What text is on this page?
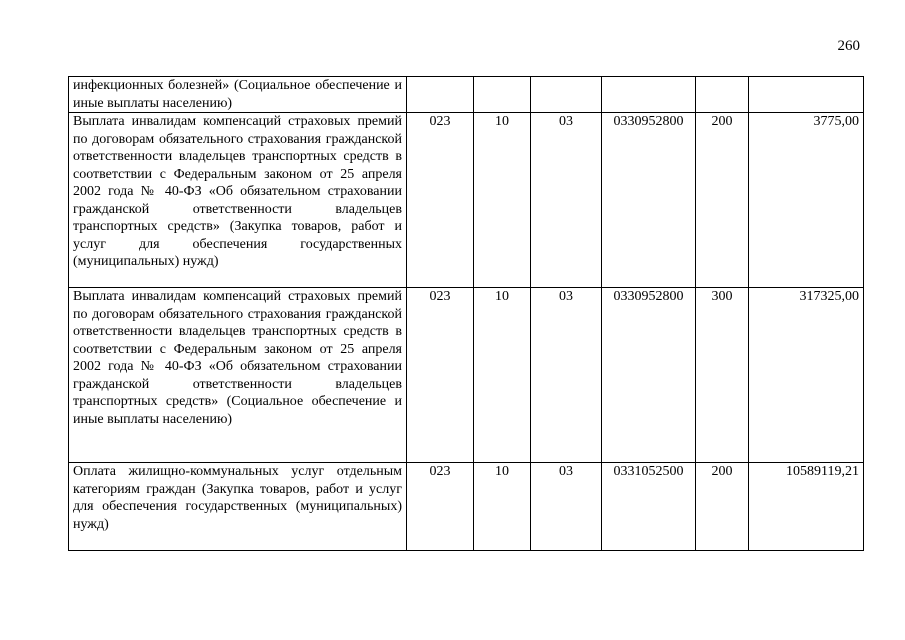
260
инфекционных болезней» (Социальное обеспечение и иные выплаты населению)						
Выплата инвалидам компенсаций страховых премий по договорам обязательного страхования гражданской ответственности владельцев транспортных средств в соответствии с Федеральным законом от 25 апреля 2002 года № 40-ФЗ «Об обязательном страховании гражданской ответственности владельцев транспортных средств» (Закупка товаров, работ и услуг для обеспечения государственных (муниципальных) нужд)	023	10	03	0330952800	200	3775,00
Выплата инвалидам компенсаций страховых премий по договорам обязательного страхования гражданской ответственности владельцев транспортных средств в соответствии с Федеральным законом от 25 апреля 2002 года № 40-ФЗ «Об обязательном страховании гражданской ответственности владельцев транспортных средств» (Социальное обеспечение и иные выплаты населению)	023	10	03	0330952800	300	317325,00
Оплата жилищно-коммунальных услуг отдельным категориям граждан (Закупка товаров, работ и услуг для обеспечения государственных (муниципальных) нужд)	023	10	03	0331052500	200	10589119,21
